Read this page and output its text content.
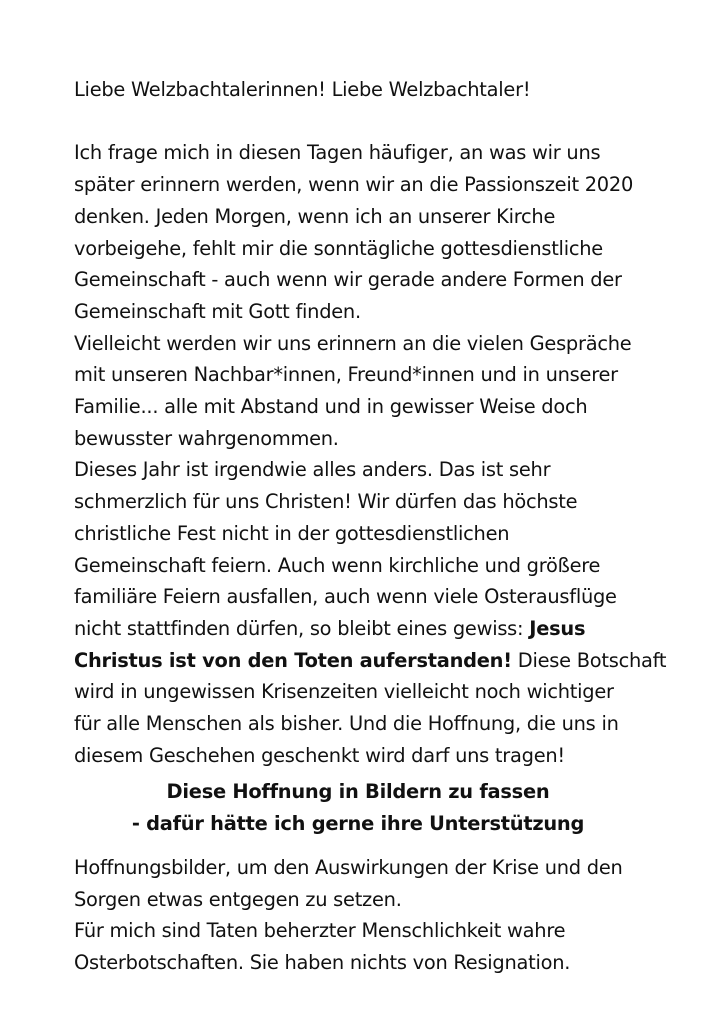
Liebe Welzbachtalerinnen! Liebe Welzbachtaler!

Ich frage mich in diesen Tagen häufiger, an was wir uns
später erinnern werden, wenn wir an die Passionszeit 2020
denken. Jeden Morgen, wenn ich an unserer Kirche
vorbeigehe, fehlt mir die sonntägliche gottesdienstliche
Gemeinschaft - auch wenn wir gerade andere Formen der
Gemeinschaft mit Gott finden.

Vielleicht werden wir uns erinnern an die vielen Gespräche
mit unseren Nachbar*innen, Freund*innen und in unserer
Familie... alle mit Abstand und in gewisser Weise doch
bewusster wahrgenommen.

Dieses Jahr ist irgendwie alles anders. Das ist sehr
schmerzlich für uns Christen! Wir dürfen das höchste
christliche Fest nicht in der gottesdienstlichen
Gemeinschaft feiern. Auch wenn kirchliche und größere
familiäre Feiern ausfallen, auch wenn viele Osterausflüge
nicht stattfinden dürfen, so bleibt eines gewiss: Jesus
Christus ist von den Toten auferstanden! Diese Botschaft
wird in ungewissen Krisenzeiten vielleicht noch wichtiger
für alle Menschen als bisher. Und die Hoffnung, die uns in
diesem Geschehen geschenkt wird darf uns tragen!

Diese Hoffnung in Bildern zu fassen
- dafür hätte ich gerne ihre Unterstützung

Hoffnungsbilder, um den Auswirkungen der Krise und den
Sorgen etwas entgegen zu setzen.

Für mich sind Taten beherzter Menschlichkeit wahre
Osterbotschaften. Sie haben nichts von Resignation.
